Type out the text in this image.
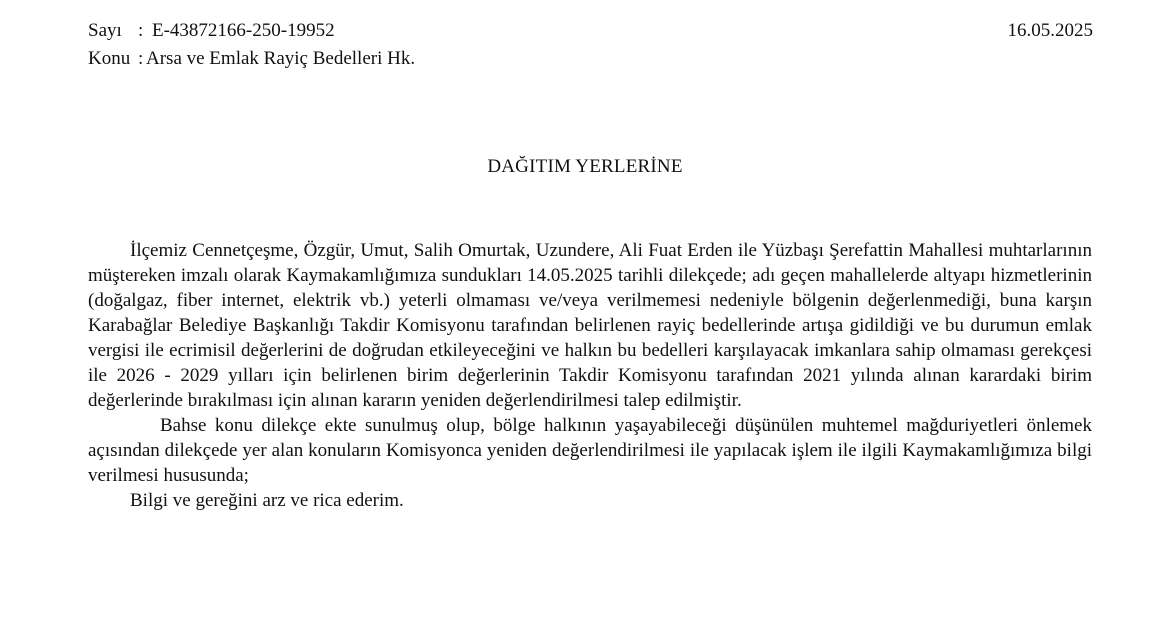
Sayı : E-43872166-250-19952
Konu : Arsa ve Emlak Rayiç Bedelleri Hk.
16.05.2025
DAĞITIM YERLERİNE

İlçemiz Cennetçeşme, Özgür, Umut, Salih Omurtak, Uzundere, Ali Fuat Erden ile Yüzbaşı Şerefattin Mahallesi muhtarlarının müştereken imzalı olarak Kaymakamlığımıza sundukları 14.05.2025 tarihli dilekçede; adı geçen mahallelerde altyapı hizmetlerinin (doğalgaz, fiber internet, elektrik vb.) yeterli olmaması ve/veya verilmemesi nedeniyle bölgenin değerlenmediği, buna karşın Karabağlar Belediye Başkanlığı Takdir Komisyonu tarafından belirlenen rayiç bedellerinde artışa gidildiği ve bu durumun emlak vergisi ile ecrimisil değerlerini de doğrudan etkileyeceğini ve halkın bu bedelleri karşılayacak imkanlara sahip olmaması gerekçesi ile 2026 - 2029 yılları için belirlenen birim değerlerinin Takdir Komisyonu tarafından 2021 yılında alınan karardaki birim değerlerinde bırakılması için alınan kararın yeniden değerlendirilmesi talep edilmiştir.

Bahse konu dilekçe ekte sunulmuş olup, bölge halkının yaşayabileceği düşünülen muhtemel mağduriyetleri önlemek açısından dilekçede yer alan konuların Komisyonca yeniden değerlendirilmesi ile yapılacak işlem ile ilgili Kaymakamlığımıza bilgi verilmesi hususunda;

Bilgi ve gereğini arz ve rica ederim.
